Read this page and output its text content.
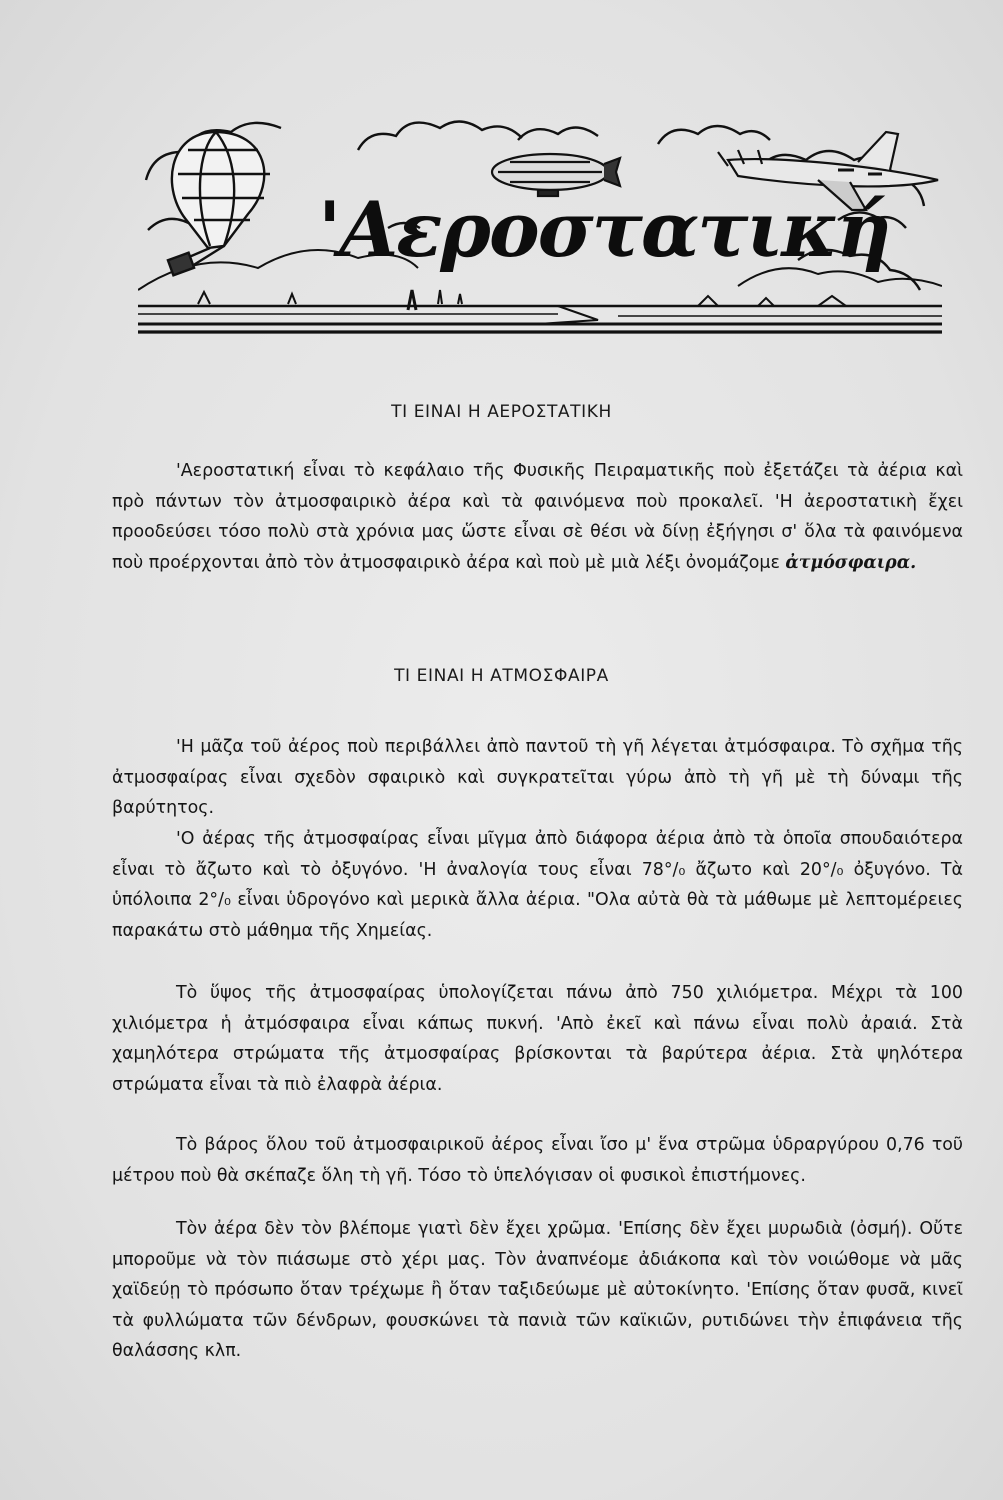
'Αεροστατική
ΤΙ ΕΙΝΑΙ Η ΑΕΡΟΣΤΑΤΙΚΗ

'Αεροστατική εἶναι τὸ κεφάλαιο τῆς Φυσικῆς Πειραματικῆς ποὺ ἐξετάζει τὰ ἀέρια καὶ πρὸ πάντων τὸν ἀτμοσφαιρικὸ ἀέρα καὶ τὰ φαινόμενα ποὺ προκαλεῖ. 'Η ἀεροστατικὴ ἔχει προοδεύσει τόσο πολὺ στὰ χρόνια μας ὥστε εἶναι σὲ θέσι νὰ δίνῃ ἐξήγησι σ' ὅλα τὰ φαινόμενα ποὺ προέρχονται ἀπὸ τὸν ἀτμοσφαιρικὸ ἀέρα καὶ ποὺ μὲ μιὰ λέξι ὀνομάζομε ἀτμόσφαιρα.

ΤΙ ΕΙΝΑΙ Η ΑΤΜΟΣΦΑΙΡΑ

'Η μᾶζα τοῦ ἀέρος ποὺ περιβάλλει ἀπὸ παντοῦ τὴ γῆ λέγεται ἀτμόσφαιρα. Τὸ σχῆμα τῆς ἀτμοσφαίρας εἶναι σχεδὸν σφαιρικὸ καὶ συγκρατεῖται γύρω ἀπὸ τὴ γῆ μὲ τὴ δύναμι τῆς βαρύτητος.

'Ο ἀέρας τῆς ἀτμοσφαίρας εἶναι μῖγμα ἀπὸ διάφορα ἀέρια ἀπὸ τὰ ὁποῖα σπουδαιότερα εἶναι τὸ ἄζωτο καὶ τὸ ὀξυγόνο. 'Η ἀναλογία τους εἶναι 78°/₀ ἄζωτο καὶ 20°/₀ ὀξυγόνο. Τὰ ὑπόλοιπα 2°/₀ εἶναι ὑδρογόνο καὶ μερικὰ ἄλλα ἀέρια. "Ολα αὐτὰ θὰ τὰ μάθωμε μὲ λεπτομέρειες παρακάτω στὸ μάθημα τῆς Χημείας.

Τὸ ὕψος τῆς ἀτμοσφαίρας ὑπολογίζεται πάνω ἀπὸ 750 χιλιόμετρα. Μέχρι τὰ 100 χιλιόμετρα ἡ ἀτμόσφαιρα εἶναι κάπως πυκνή. 'Απὸ ἐκεῖ καὶ πάνω εἶναι πολὺ ἀραιά. Στὰ χαμηλότερα στρώματα τῆς ἀτμοσφαίρας βρίσκονται τὰ βαρύτερα ἀέρια. Στὰ ψηλότερα στρώματα εἶναι τὰ πιὸ ἐλαφρὰ ἀέρια.

Τὸ βάρος ὅλου τοῦ ἀτμοσφαιρικοῦ ἀέρος εἶναι ἴσο μ' ἕνα στρῶμα ὑδραργύρου 0,76 τοῦ μέτρου ποὺ θὰ σκέπαζε ὅλη τὴ γῆ. Τόσο τὸ ὑπελόγισαν οἱ φυσικοὶ ἐπιστήμονες.

Τὸν ἀέρα δὲν τὸν βλέπομε γιατὶ δὲν ἔχει χρῶμα. 'Επίσης δὲν ἔχει μυρωδιὰ (ὀσμή). Οὔτε μποροῦμε νὰ τὸν πιάσωμε στὸ χέρι μας. Τὸν ἀναπνέομε ἀδιάκοπα καὶ τὸν νοιώθομε νὰ μᾶς χαϊδεύῃ τὸ πρόσωπο ὅταν τρέχωμε ἢ ὅταν ταξιδεύωμε μὲ αὐτοκίνητο. 'Επίσης ὅταν φυσᾶ, κινεῖ τὰ φυλλώματα τῶν δένδρων, φουσκώνει τὰ πανιὰ τῶν καϊκιῶν, ρυτιδώνει τὴν ἐπιφάνεια τῆς θαλάσσης κλπ.
